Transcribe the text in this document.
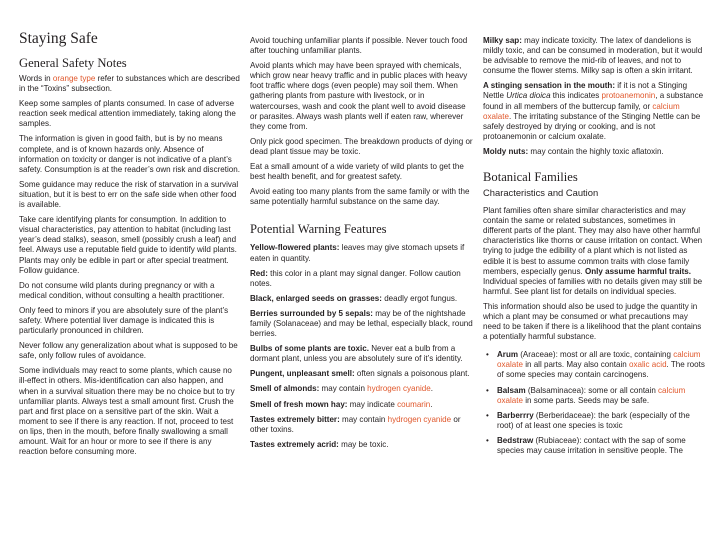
Staying Safe
General Safety Notes

Words in orange type refer to substances which are described in the “Toxins” subsection.

Keep some samples of plants consumed. In case of adverse reaction seek medical attention immediately, taking along the samples.

The information is given in good faith, but is by no means complete, and is of known hazards only. Absence of information on toxicity or danger is not indicative of a plant’s safety. Consumption is at the reader’s own risk and discretion.

Some guidance may reduce the risk of starvation in a survival situation, but it is best to err on the safe side when other food is available.

Take care identifying plants for consumption. In addition to visual characteristics, pay attention to habitat (including last year’s dead stalks), season, smell (possibly crush a leaf) and feel. Always use a reputable field guide to identify wild plants. Plants may only be edible in part or after special treatment. Follow guidance.

Do not consume wild plants during pregnancy or with a medical condition, without consulting a health practitioner.

Only feed to minors if you are absolutely sure of the plant’s safety. Where potential liver damage is indicated this is particularly pronounced in children.

Never follow any generalization about what is supposed to be safe, only follow rules of avoidance.

Some individuals may react to some plants, which cause no ill-effect in others. Mis-identification can also happen, and when in a survival situation there may be no choice but to try unfamiliar plants. Always test a small amount first. Crush the part and first place on a sensitive part of the skin. Wait a moment to see if there is any reaction. If not, proceed to test on lips, then in the mouth, before finally swallowing a small amount. Wait for an hour or more to see if there is any reaction before consuming more.

Avoid touching unfamiliar plants if possible. Never touch food after touching unfamiliar plants.

Avoid plants which may have been sprayed with chemicals, which grow near heavy traffic and in public places with heavy foot traffic where dogs (even people) may soil them. When gathering plants from pasture with livestock, or in watercourses, wash and cook the plant well to avoid disease or parasites. Always wash plants well if eaten raw, wherever they come from.

Only pick good specimen. The breakdown products of dying or dead plant tissue may be toxic.

Eat a small amount of a wide variety of wild plants to get the best health benefit, and for greatest safety.

Avoid eating too many plants from the same family or with the same potentially harmful substance on the same day.

Potential Warning Features

Yellow-flowered plants: leaves may give stomach upsets if eaten in quantity.

Red: this color in a plant may signal danger. Follow caution notes.

Black, enlarged seeds on grasses: deadly ergot fungus.

Berries surrounded by 5 sepals: may be of the nightshade family (Solanaceae) and may be lethal, especially black, round berries.

Bulbs of some plants are toxic. Never eat a bulb from a dormant plant, unless you are absolutely sure of it’s identity.

Pungent, unpleasant smell: often signals a poisonous plant.

Smell of almonds: may contain hydrogen cyanide.

Smell of fresh mown hay: may indicate coumarin.

Tastes extremely bitter: may contain hydrogen cyanide or other toxins.

Tastes extremely acrid: may be toxic.

Milky sap: may indicate toxicity. The latex of dandelions is mildly toxic, and can be consumed in moderation, but it would be advisable to remove the mid-rib of leaves, and not to consume the flower stems. Milky sap is often a skin irritant.

A stinging sensation in the mouth: if it is not a Stinging Nettle Urtica dioica this indicates protoanemonin, a substance found in all members of the buttercup family, or calcium oxalate. The irritating substance of the Stinging Nettle can be safely destroyed by drying or cooking, and is not protoanemonin or calcium oxalate.

Moldy nuts: may contain the highly toxic aflatoxin.

Botanical Families
Characteristics and Caution

Plant families often share similar characteristics and may contain the same or related substances, sometimes in different parts of the plant. They may also have other harmful characteristics like thorns or cause irritation on contact. When trying to judge the edibility of a plant which is not listed as edible it is best to assume common traits with close family members, especially genus. Only assume harmful traits. Individual species of families with no details given may still be harmful. See plant list for details on individual species.

This information should also be used to judge the quantity in which a plant may be consumed or what precautions may need to be taken if there is a likelihood that the plant contains a potentially harmful substance.

• Arum (Araceae): most or all are toxic, containing calcium oxalate in all parts. May also contain oxalic acid. The roots of some species may contain carcinogens.
• Balsam (Balsaminacea): some or all contain calcium oxalate in some parts. Seeds may be safe.
• Barberrry (Berberidaceae): the bark (especially of the root) of at least one species is toxic
• Bedstraw (Rubiaceae): contact with the sap of some species may cause irritation in sensitive people. The
